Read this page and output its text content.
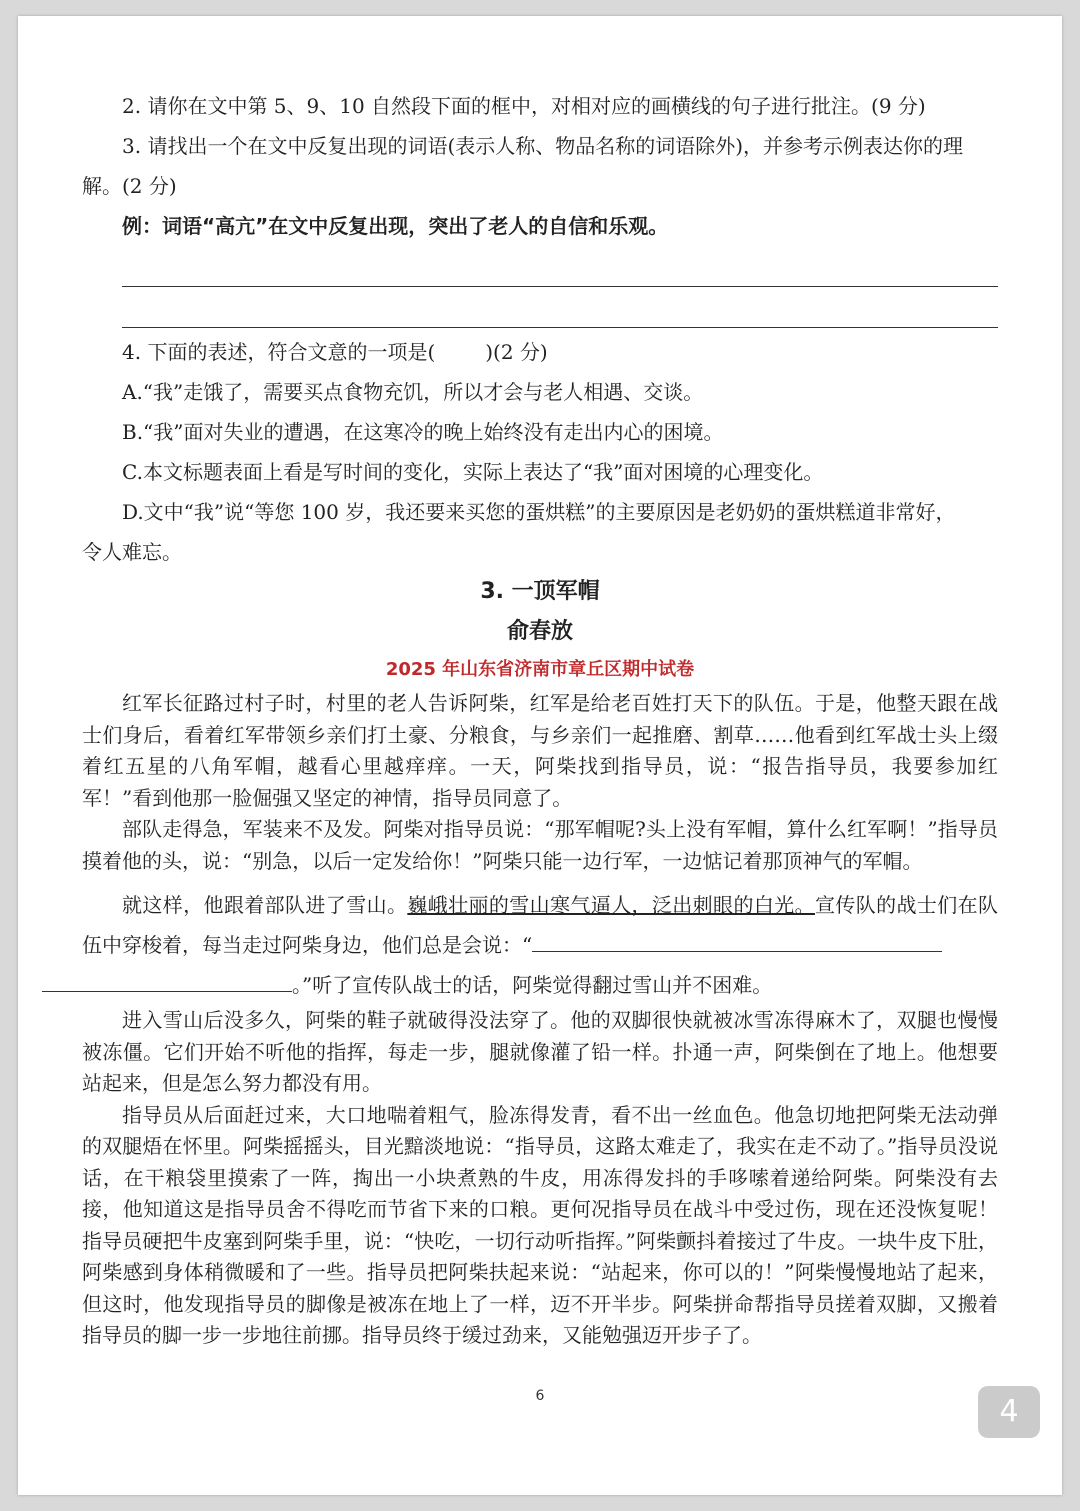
2. 请你在文中第 5、9、10 自然段下面的框中，对相对应的画横线的句子进行批注。(9 分)

3. 请找出一个在文中反复出现的词语(表示人称、物品名称的词语除外)，并参考示例表达你的理

解。(2 分)

例：词语“高亢”在文中反复出现，突出了老人的自信和乐观。

4. 下面的表述，符合文意的一项是(	)(2 分)

A.“我”走饿了，需要买点食物充饥，所以才会与老人相遇、交谈。

B.“我”面对失业的遭遇，在这寒冷的晚上始终没有走出内心的困境。

C.本文标题表面上看是写时间的变化，实际上表达了“我”面对困境的心理变化。

D.文中“我”说“等您 100 岁，我还要来买您的蛋烘糕”的主要原因是老奶奶的蛋烘糕道非常好，

令人难忘。

3. 一顶军帽
俞春放
2025 年山东省济南市章丘区期中试卷

红军长征路过村子时，村里的老人告诉阿柴，红军是给老百姓打天下的队伍。于是，他整天跟在战士们身后，看着红军带领乡亲们打土豪、分粮食，与乡亲们一起推磨、割草……他看到红军战士头上缀着红五星的八角军帽，越看心里越痒痒。一天，阿柴找到指导员，说：“报告指导员，我要参加红军！”看到他那一脸倔强又坚定的神情，指导员同意了。

部队走得急，军装来不及发。阿柴对指导员说：“那军帽呢?头上没有军帽，算什么红军啊！”指导员摸着他的头，说：“别急，以后一定发给你！”阿柴只能一边行军，一边惦记着那顶神气的军帽。

就这样，他跟着部队进了雪山。巍峨壮丽的雪山寒气逼人，泛出刺眼的白光。宣传队的战士们在队伍中穿梭着，每当走过阿柴身边，他们总是会说：“
。”听了宣传队战士的话，阿柴觉得翻过雪山并不困难。

进入雪山后没多久，阿柴的鞋子就破得没法穿了。他的双脚很快就被冰雪冻得麻木了，双腿也慢慢被冻僵。它们开始不听他的指挥，每走一步，腿就像灌了铅一样。扑通一声，阿柴倒在了地上。他想要站起来，但是怎么努力都没有用。

指导员从后面赶过来，大口地喘着粗气，脸冻得发青，看不出一丝血色。他急切地把阿柴无法动弹的双腿焐在怀里。阿柴摇摇头，目光黯淡地说：“指导员，这路太难走了，我实在走不动了。”指导员没说话，在干粮袋里摸索了一阵，掏出一小块煮熟的牛皮，用冻得发抖的手哆嗦着递给阿柴。阿柴没有去接，他知道这是指导员舍不得吃而节省下来的口粮。更何况指导员在战斗中受过伤，现在还没恢复呢！指导员硬把牛皮塞到阿柴手里，说：“快吃，一切行动听指挥。”阿柴颤抖着接过了牛皮。一块牛皮下肚，阿柴感到身体稍微暖和了一些。指导员把阿柴扶起来说：“站起来，你可以的！”阿柴慢慢地站了起来，但这时，他发现指导员的脚像是被冻在地上了一样，迈不开半步。阿柴拼命帮指导员搓着双脚，又搬着指导员的脚一步一步地往前挪。指导员终于缓过劲来，又能勉强迈开步子了。

6	4
